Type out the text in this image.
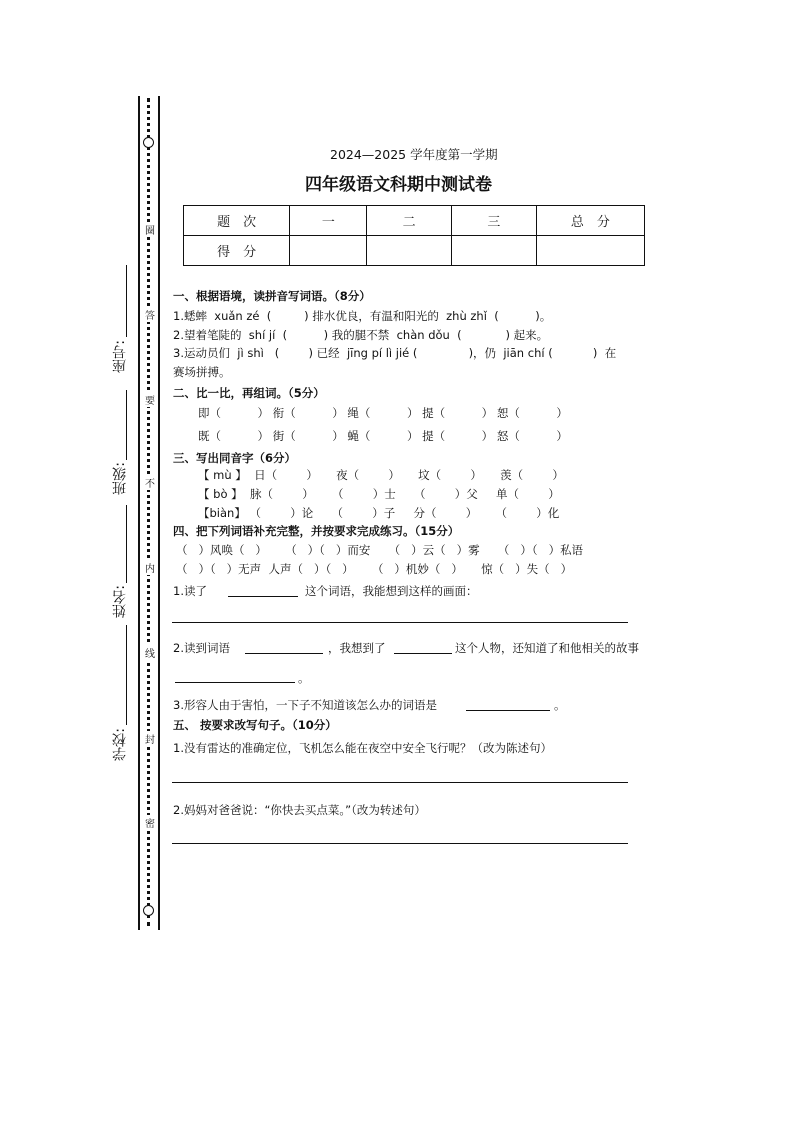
圈
答
要
不
内
线
封
密
座号:
班级:
姓名:
学校:
2024—2025 学年度第一学期
四年级语文科期中测试卷
题　次	一	二	三	总　分
得　分				
一、根据语境，读拼音写词语。（8分）
1.蟋蟀  xuǎn zé  (         ) 排水优良，有温和阳光的  zhù zhǐ  (          )。
2.望着笔陡的  shí jí  (          ) 我的腿不禁  chàn dǒu  (            ) 起来。
3.运动员们  jì shì   (        ) 已经  jīng pí lì jié (              )，仍  jiān chí (           )  在
赛场拼搏。
二、比一比，再组词。（5分）
即（          ） 衔（          ） 绳（          ） 提（          ） 恕（          ）
既（          ） 街（          ） 蝇（          ） 提（          ） 怒（          ）
三、写出同音字（6分）
【 mù 】  日（        ）     夜（        ）     坟（        ）     羡（        ）
【 bò 】  脉（        ）     （        ）士     （        ）父     单（        ）
【biàn】 （        ）论     （        ）子     分（        ）     （        ）化
四、把下列词语补充完整，并按要求完成练习。（15分）
（   ）风唤（   ）     （   ）（   ）而安     （   ）云（   ）雾     （   ）（   ）私语
（   ）（   ）无声  人声（   ）（   ）     （   ）机妙（   ）     惊（   ）失（   ）
1.读了	这个词语，我能想到这样的画面：
2.读到词语	，我想到了	这个人物，还知道了和他相关的故事
。
3.形容人由于害怕，一下子不知道该怎么办的词语是	。
五、 按要求改写句子。（10分）
1.没有雷达的准确定位，飞机怎么能在夜空中安全飞行呢？（改为陈述句）
2.妈妈对爸爸说：“你快去买点菜。”（改为转述句）
